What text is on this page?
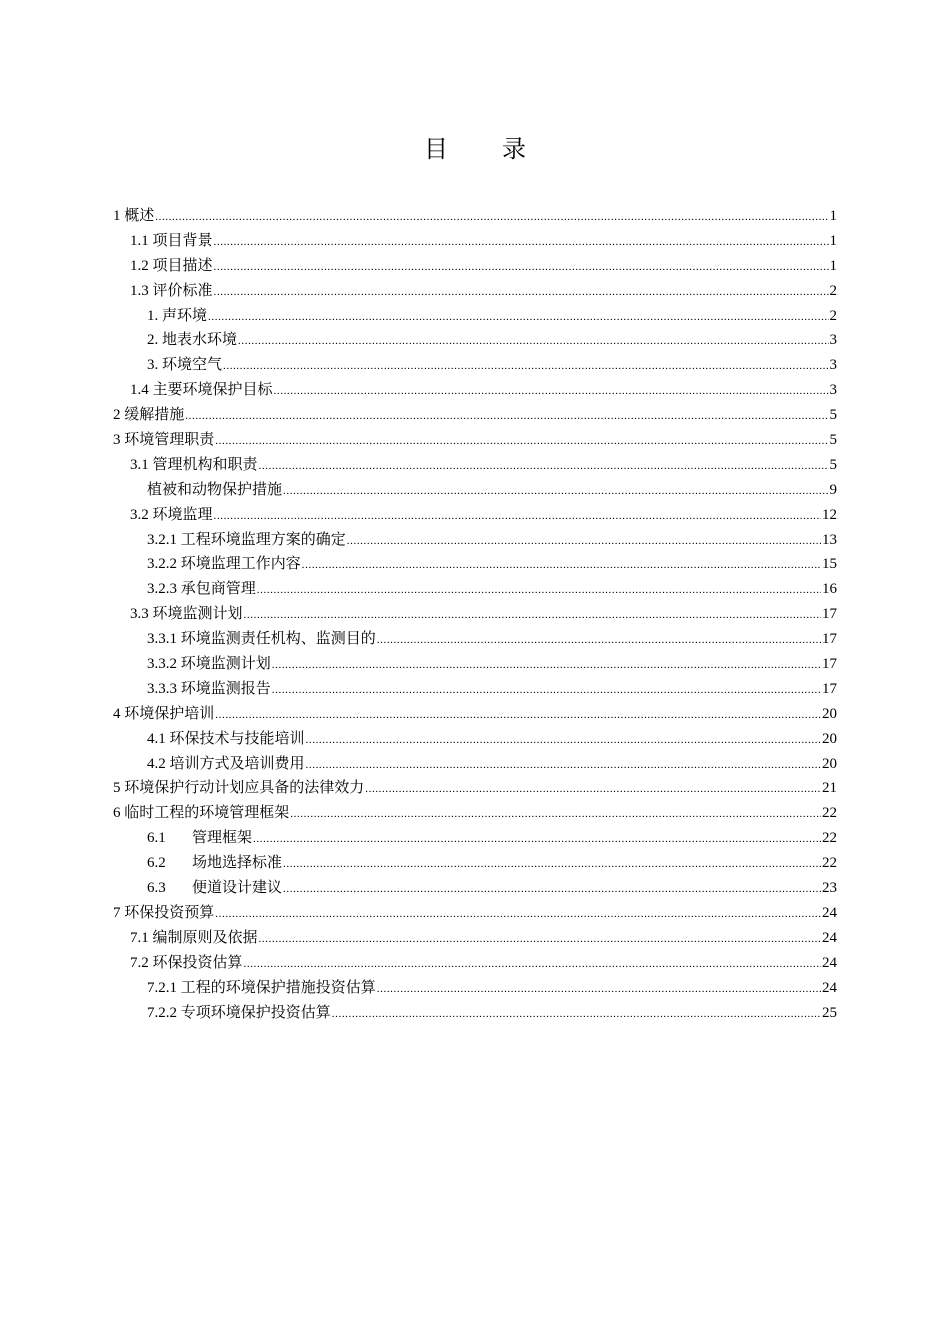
目 录
1 概述 .....	1
1.1 项目背景 .....	1
1.2 项目描述 .....	1
1.3 评价标准 .....	2
1. 声环境 .....	2
2. 地表水环境 .....	3
3. 环境空气 .....	3
1.4 主要环境保护目标 .....	3
2 缓解措施 .....	5
3 环境管理职责 .....	5
3.1 管理机构和职责 .....	5
植被和动物保护措施 .....	9
3.2 环境监理 .....	12
3.2.1 工程环境监理方案的确定 .....	13
3.2.2 环境监理工作内容 .....	15
3.2.3 承包商管理 .....	16
3.3 环境监测计划 .....	17
3.3.1 环境监测责任机构、监测目的 .....	17
3.3.2 环境监测计划 .....	17
3.3.3 环境监测报告 .....	17
4 环境保护培训 .....	20
4.1 环保技术与技能培训 .....	20
4.2 培训方式及培训费用 .....	20
5 环境保护行动计划应具备的法律效力 .....	21
6 临时工程的环境管理框架 .....	22
6.1       管理框架 .....	22
6.2       场地选择标准 .....	22
6.3       便道设计建议 .....	23
7 环保投资预算 .....	24
7.1 编制原则及依据 .....	24
7.2 环保投资估算 .....	24
7.2.1 工程的环境保护措施投资估算 .....	24
7.2.2 专项环境保护投资估算 .....	25
